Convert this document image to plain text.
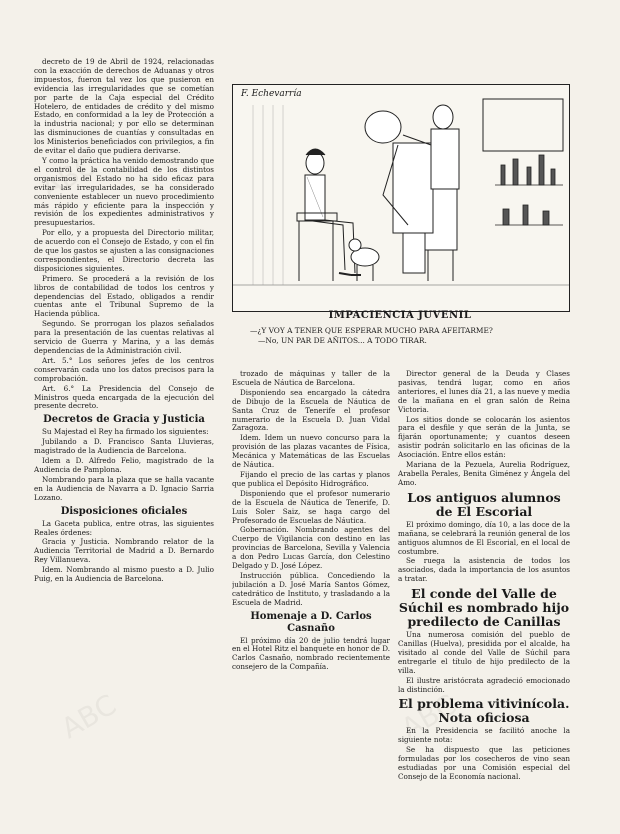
decreto de 19 de Abril de 1924, relacionadas con la exacción de derechos de Aduanas y otros impuestos, fueron tal vez los que pusieron en evidencia las irregularidades que se cometían por parte de la Caja especial del Crédito Hotelero, de entidades de crédito y del mismo Estado, en conformidad a la ley de Protección a la industria nacional; y por ello se determinan las disminuciones de cuantías y consultadas en los Ministerios beneficiados con privilegios, a fin de evitar el daño que pudiera derivarse.

Y como la práctica ha venido demostrando que el control de la contabilidad de los distintos organismos del Estado no ha sido eficaz para evitar las irregularidades, se ha considerado conveniente establecer un nuevo procedimiento más rápido y eficiente para la inspección y revisión de los expedientes administrativos y presupuestarios.

Por ello, y a propuesta del Directorio militar, de acuerdo con el Consejo de Estado, y con el fin de que los gastos se ajusten a las consignaciones correspondientes, el Directorio decreta las disposiciones siguientes.

Primero. Se procederá a la revisión de los libros de contabilidad de todos los centros y dependencias del Estado, obligados a rendir cuentas ante el Tribunal Supremo de la Hacienda pública.

Segundo. Se prorrogan los plazos señalados para la presentación de las cuentas relativas al servicio de Guerra y Marina, y a las demás dependencias de la Administración civil.

Art. 5.° Los señores jefes de los centros conservarán cada uno los datos precisos para la comprobación.

Art. 6.° La Presidencia del Consejo de Ministros queda encargada de la ejecución del presente decreto.

Decretos de Gracia y Justicia

Su Majestad el Rey ha firmado los siguientes:

Jubilando a D. Francisco Santa Lluvieras, magistrado de la Audiencia de Barcelona.

Idem a D. Alfredo Felio, magistrado de la Audiencia de Pamplona.

Nombrando para la plaza que se halla vacante en la Audiencia de Navarra a D. Ignacio Sarria Lozano.

Disposiciones oficiales

La Gaceta publica, entre otras, las siguientes Reales órdenes:

Gracia y Justicia. Nombrando relator de la Audiencia Territorial de Madrid a D. Bernardo Rey Villanueva.

Idem. Nombrando al mismo puesto a D. Julio Puig, en la Audiencia de Barcelona.

F. Echevarría
IMPACIENCIA JUVENIL
—¿Y VOY A TENER QUE ESPERAR MUCHO PARA AFEITARME?
—No, UN PAR DE AÑITOS... A TODO TIRAR.

trozado de máquinas y taller de la Escuela de Náutica de Barcelona.

Disponiendo sea encargado la cátedra de Dibujo de la Escuela de Náutica de Santa Cruz de Tenerife el profesor numerario de la Escuela D. Juan Vidal Zaragoza.

Idem. Idem un nuevo concurso para la provisión de las plazas vacantes de Física, Mecánica y Matemáticas de las Escuelas de Náutica.

Fijando el precio de las cartas y planos que publica el Depósito Hidrográfico.

Disponiendo que el profesor numerario de la Escuela de Náutica de Tenerife, D. Luis Soler Saiz, se haga cargo del Profesorado de Escuelas de Náutica.

Gobernación. Nombrando agentes del Cuerpo de Vigilancia con destino en las provincias de Barcelona, Sevilla y Valencia a don Pedro Lucas García, don Celestino Delgado y D. José López.

Instrucción pública. Concediendo la jubilación a D. José María Santos Gómez, catedrático de Instituto, y trasladando a la Escuela de Madrid.

Homenaje a D. Carlos Casnaño

El próximo día 20 de julio tendrá lugar en el Hotel Ritz el banquete en honor de D. Carlos Casnaño, nombrado recientemente consejero de la Compañía.

Director general de la Deuda y Clases pasivas, tendrá lugar, como en años anteriores, el lunes día 21, a las nueve y media de la mañana en el gran salón de Reina Victoria.

Los sitios donde se colocarán los asientos para el desfile y que serán de la Junta, se fijarán oportunamente; y cuantos deseen asistir podrán solicitarlo en las oficinas de la Asociación. Entre ellos están:

Mariana de la Pezuela, Aurelia Rodríguez, Arabella Perales, Benita Giménez y Ángela del Amo.

Los antiguos alumnos de El Escorial

El próximo domingo, día 10, a las doce de la mañana, se celebrará la reunión general de los antiguos alumnos de El Escorial, en el local de costumbre.

Se ruega la asistencia de todos los asociados, dada la importancia de los asuntos a tratar.

El conde del Valle de Súchil es nombrado hijo predilecto de Canillas

Una numerosa comisión del pueblo de Canillas (Huelva), presidida por el alcalde, ha visitado al conde del Valle de Súchil para entregarle el título de hijo predilecto de la villa.

El ilustre aristócrata agradeció emocionado la distinción.

El problema vitivinícola. Nota oficiosa

En la Presidencia se facilitó anoche la siguiente nota:

Se ha dispuesto que las peticiones formuladas por los cosecheros de vino sean estudiadas por una Comisión especial del Consejo de la Economía nacional.
